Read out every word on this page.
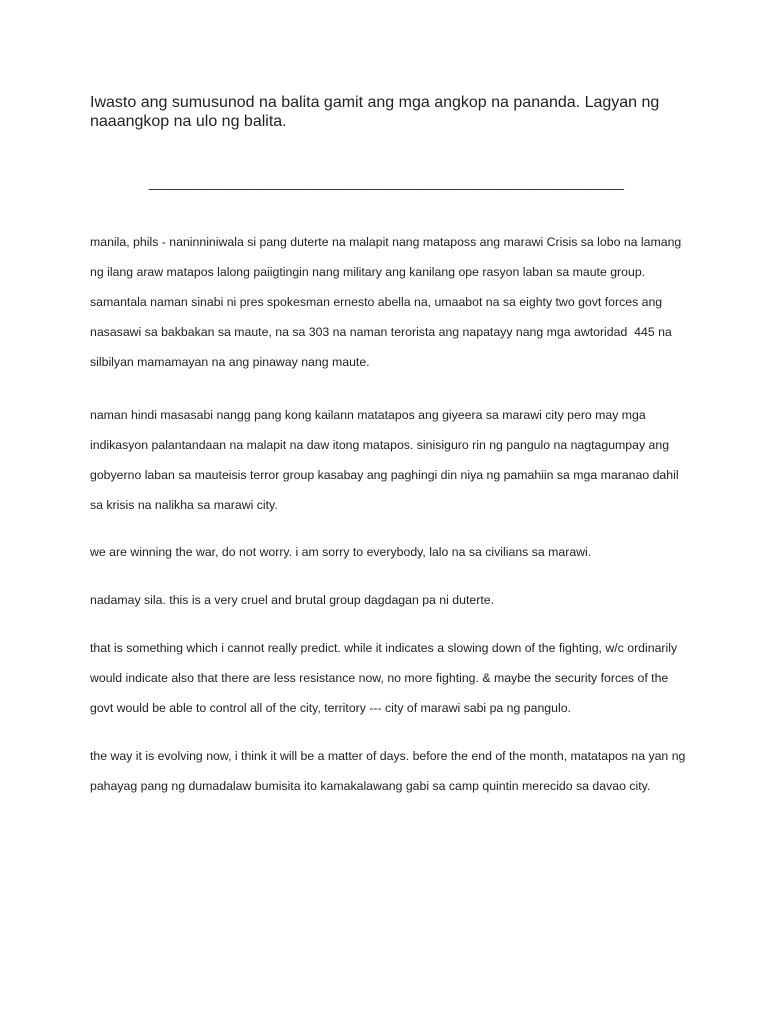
Iwasto ang sumusunod na balita gamit ang mga angkop na pananda. Lagyan ng naaangkop na ulo ng balita.
_____________________________________________________________

manila, phils - naninniniwala si pang duterte na malapit nang mataposs ang marawi Crisis sa lobo na lamang ng ilang araw matapos lalong paiigtingin nang military ang kanilang ope rasyon laban sa maute group.   samantala naman sinabi ni pres spokesman ernesto abella na, umaabot na sa eighty two govt forces ang nasasawi sa bakbakan sa maute, na sa 303 na naman terorista ang napatayy nang mga awtoridad  445 na silbilyan mamamayan na ang pinaway nang maute.

naman hindi masasabi nangg pang kong kailann matatapos ang giyeera sa marawi city pero may mga indikasyon palantandaan na malapit na daw itong matapos. sinisiguro rin ng pangulo na nagtagumpay ang gobyerno laban sa mauteisis terror group kasabay ang paghingi din niya ng pamahiin sa mga maranao dahil sa krisis na nalikha sa marawi city.

we are winning the war, do not worry. i am sorry to everybody, lalo na sa civilians sa marawi.

nadamay sila. this is a very cruel and brutal group dagdagan pa ni duterte.

that is something which i cannot really predict. while it indicates a slowing down of the fighting, w/c ordinarily would indicate also that there are less resistance now, no more fighting. & maybe the security forces of the govt would be able to control all of the city, territory --- city of marawi sabi pa ng pangulo.

the way it is evolving now, i think it will be a matter of days. before the end of the month, matatapos na yan ng pahayag pang ng dumadalaw bumisita ito kamakalawang gabi sa camp quintin merecido sa davao city.
